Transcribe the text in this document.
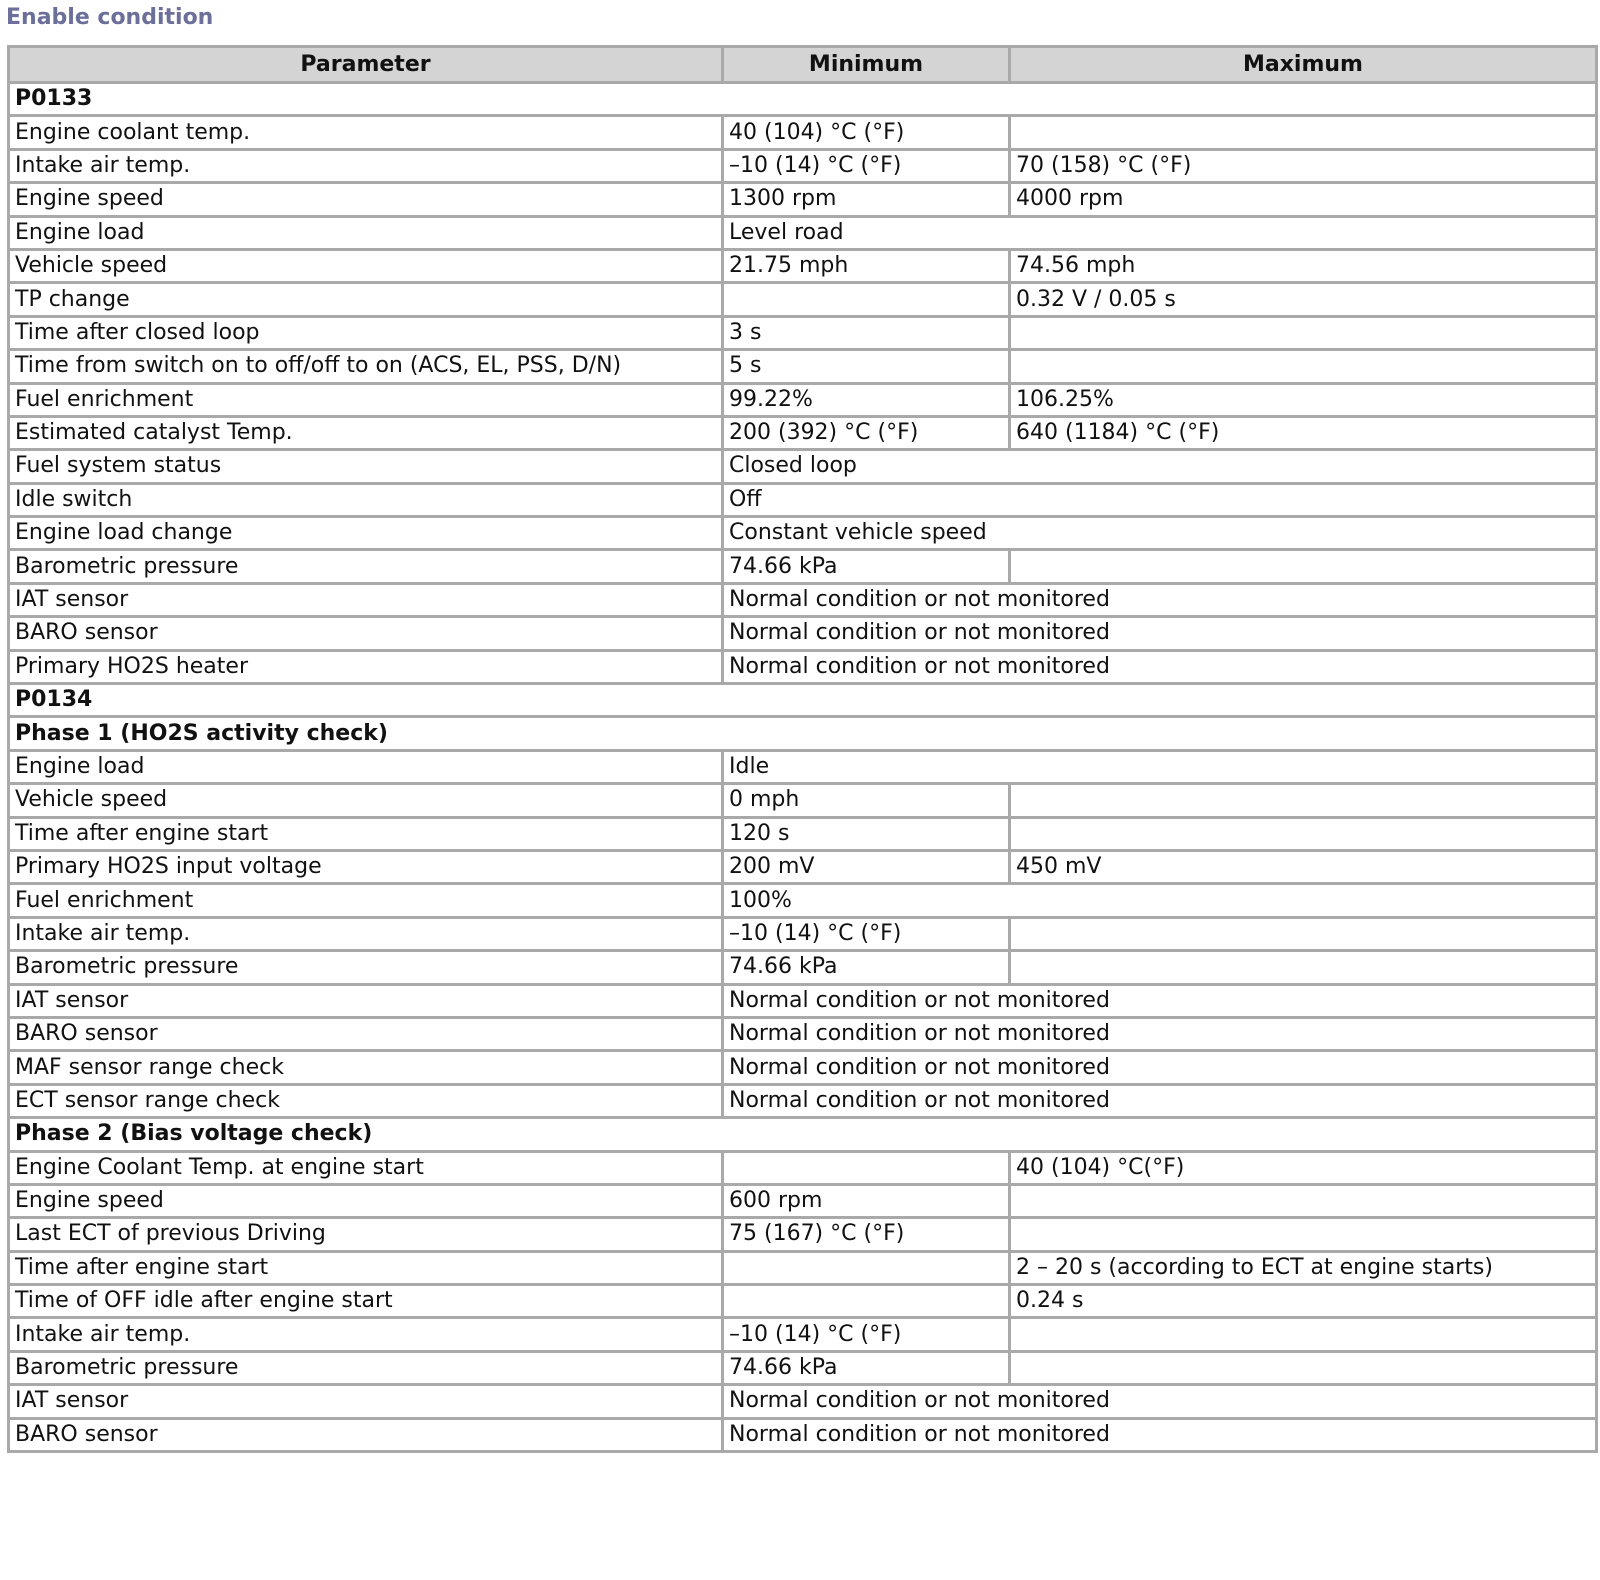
Enable condition
Parameter	Minimum	Maximum
P0133		
Engine coolant temp.	40 (104) °C (°F)	
Intake air temp.	–10 (14) °C (°F)	70 (158) °C (°F)
Engine speed	1300 rpm	4000 rpm
Engine load	Level road	
Vehicle speed	21.75 mph	74.56 mph
TP change		0.32 V / 0.05 s
Time after closed loop	3 s	
Time from switch on to off/off to on (ACS, EL, PSS, D/N)	5 s	
Fuel enrichment	99.22%	106.25%
Estimated catalyst Temp.	200 (392) °C (°F)	640 (1184) °C (°F)
Fuel system status	Closed loop	
Idle switch	Off	
Engine load change	Constant vehicle speed	
Barometric pressure	74.66 kPa	
IAT sensor	Normal condition or not monitored	
BARO sensor	Normal condition or not monitored	
Primary HO2S heater	Normal condition or not monitored	
P0134		
Phase 1 (HO2S activity check)		
Engine load	Idle	
Vehicle speed	0 mph	
Time after engine start	120 s	
Primary HO2S input voltage	200 mV	450 mV
Fuel enrichment	100%	
Intake air temp.	–10 (14) °C (°F)	
Barometric pressure	74.66 kPa	
IAT sensor	Normal condition or not monitored	
BARO sensor	Normal condition or not monitored	
MAF sensor range check	Normal condition or not monitored	
ECT sensor range check	Normal condition or not monitored	
Phase 2 (Bias voltage check)		
Engine Coolant Temp. at engine start		40 (104) °C(°F)
Engine speed	600 rpm	
Last ECT of previous Driving	75 (167) °C (°F)	
Time after engine start		2 – 20 s (according to ECT at engine starts)
Time of OFF idle after engine start		0.24 s
Intake air temp.	–10 (14) °C (°F)	
Barometric pressure	74.66 kPa	
IAT sensor	Normal condition or not monitored	
BARO sensor	Normal condition or not monitored	
